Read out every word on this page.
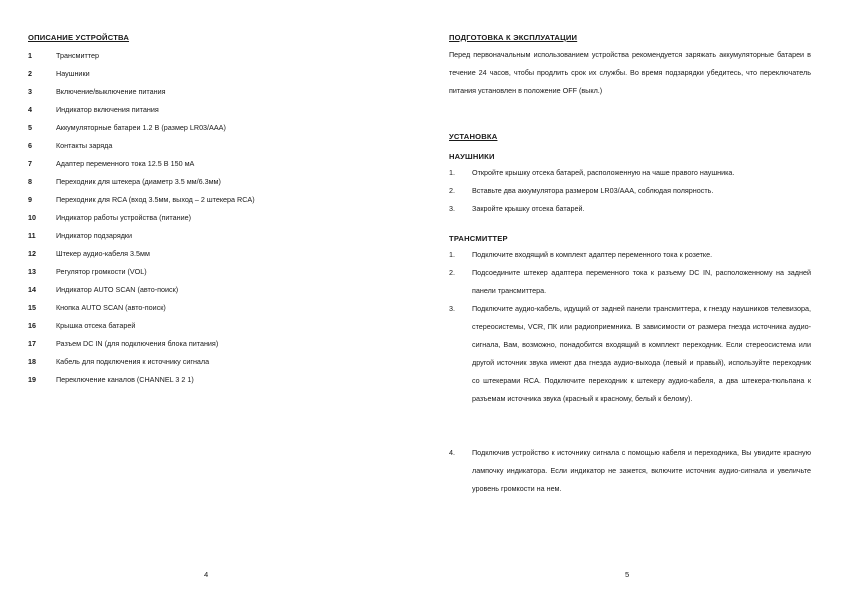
ОПИСАНИЕ УСТРОЙСТВА
1	Трансмиттер
2	Наушники
3	Включение/выключение питания
4	Индикатор включения питания
5	Аккумуляторные батареи 1.2 В (размер LR03/AAA)
6	Контакты заряда
7	Адаптер переменного тока 12.5 В 150 мА
8	Переходник для штекера (диаметр 3.5 мм/6.3мм)
9	Переходник для RCA (вход 3.5мм, выход – 2 штекера RCA)
10	Индикатор работы устройства (питание)
11	Индикатор подзарядки
12	Штекер аудио-кабеля 3.5мм
13	Регулятор громкости (VOL)
14	Индикатор AUTO SCAN (авто-поиск)
15	Кнопка AUTO SCAN (авто-поиск)
16	Крышка отсека батарей
17	Разъем DC IN (для подключения блока питания)
18	Кабель для подключения к источнику сигнала
19	Переключение каналов (CHANNEL 3 2 1)
4
ПОДГОТОВКА К ЭКСПЛУАТАЦИИ
Перед первоначальным использованием устройства рекомендуется заряжать аккумуляторные батареи в течение 24 часов, чтобы продлить срок их службы. Во время подзарядки убедитесь, что переключатель питания установлен в положение OFF (выкл.)
УСТАНОВКА
НАУШНИКИ
1. Откройте крышку отсека батарей, расположенную на чаше правого наушника.
2. Вставьте два аккумулятора размером LR03/AAA, соблюдая полярность.
3. Закройте крышку отсека батарей.
ТРАНСМИТТЕР
1. Подключите входящий в комплект адаптер переменного тока к розетке.
2. Подсоедините штекер адаптера переменного тока к разъему DC IN, расположенному на задней панели трансмиттера.
3. Подключите аудио-кабель, идущий от задней панели трансмиттера, к гнезду наушников телевизора, стереосистемы, VCR, ПК или радиоприемника. В зависимости от размера гнезда источника аудио-сигнала, Вам, возможно, понадобится входящий в комплект переходник. Если стереосистема или другой источник звука имеют два гнезда аудио-выхода (левый и правый), используйте переходник со штекерами RCA. Подключите переходник к штекеру аудио-кабеля, а два штекера-тюльпана к разъемам источника звука (красный к красному, белый к белому).
4. Подключив устройство к источнику сигнала с помощью кабеля и переходника, Вы увидите красную лампочку индикатора. Если индикатор не зажется, включите источник аудио-сигнала и увеличьте уровень громкости на нем.
5
